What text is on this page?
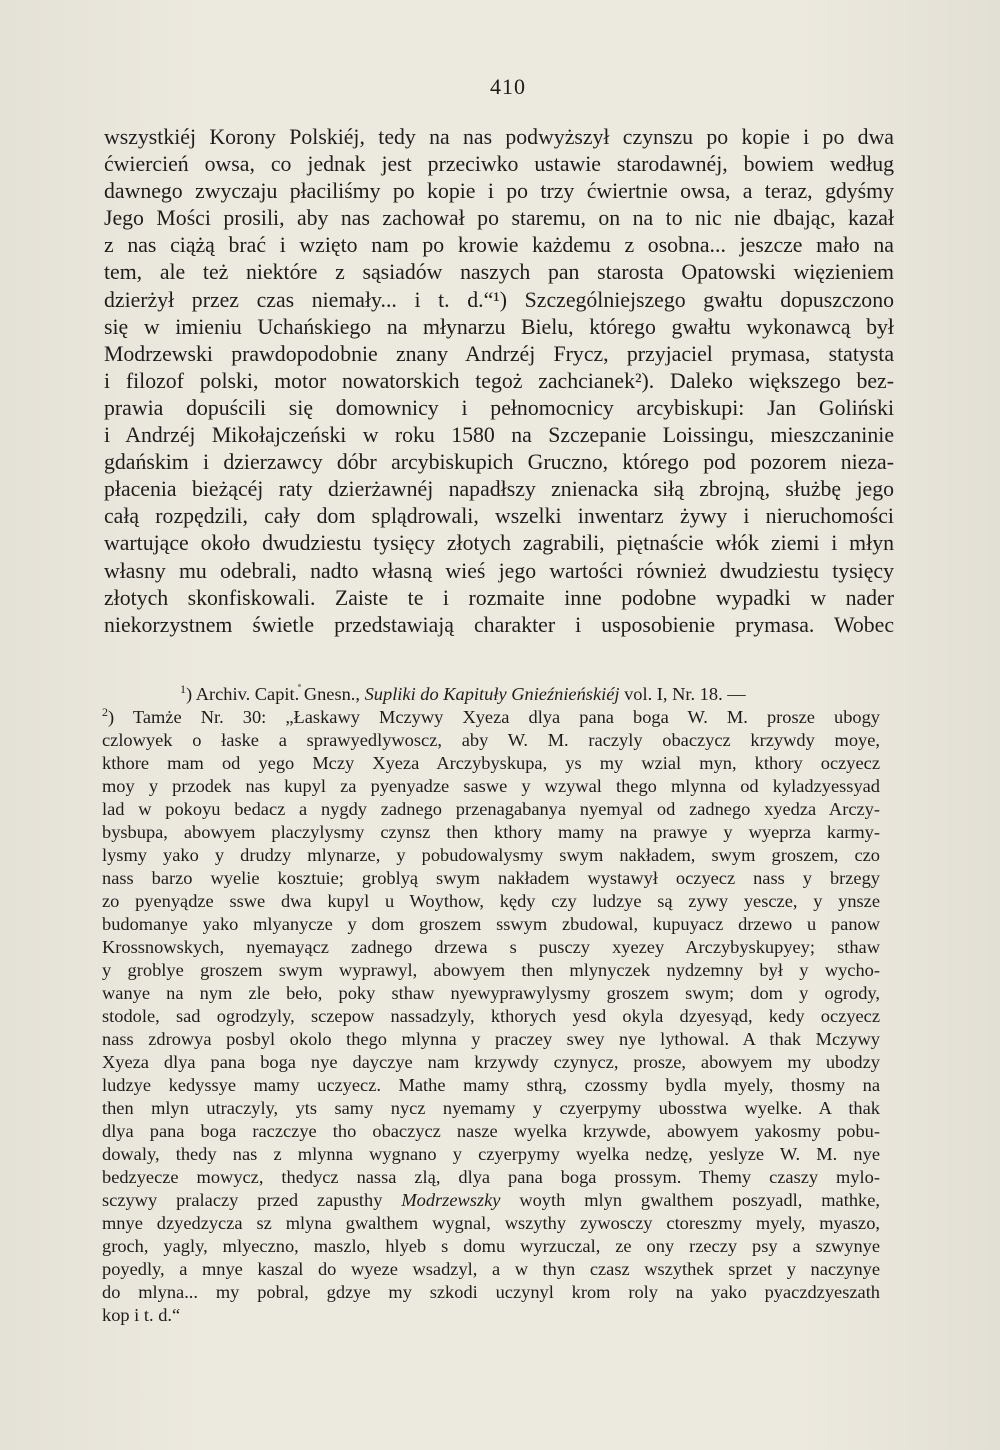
410
wszystkiéj Korony Polskiéj, tedy na nas podwyższył czynszu po kopie i po dwa
ćwiercień owsa, co jednak jest przeciwko ustawie starodawnéj, bowiem według
dawnego zwyczaju płaciliśmy po kopie i po trzy ćwiertnie owsa, a teraz, gdyśmy
Jego Mości prosili, aby nas zachował po staremu, on na to nic nie dbając, kazał
z nas ciążą brać i wzięto nam po krowie każdemu z osobna... jeszcze mało na
tem, ale też niektóre z sąsiadów naszych pan starosta Opatowski więzieniem
dzierżył przez czas niemały... i t. d.“¹) Szczególniejszego gwałtu dopuszczono
się w imieniu Uchańskiego na młynarzu Bielu, którego gwałtu wykonawcą był
Modrzewski prawdopodobnie znany Andrzéj Frycz, przyjaciel prymasa, statysta
i filozof polski, motor nowatorskich tegoż zachcianek²). Daleko większego bez-
prawia dopuścili się domownicy i pełnomocnicy arcybiskupi: Jan Goliński
i Andrzéj Mikołajczeński w roku 1580 na Szczepanie Loissingu, mieszczaninie
gdańskim i dzierzawcy dóbr arcybiskupich Gruczno, którego pod pozorem nieza-
płacenia bieżącéj raty dzierżawnéj napadłszy znienacka siłą zbrojną, służbę jego
całą rozpędzili, cały dom splądrowali, wszelki inwentarz żywy i nieruchomości
wartujące około dwudziestu tysięcy złotych zagrabili, piętnaście włók ziemi i młyn
własny mu odebrali, nadto własną wieś jego wartości również dwudziestu tysięcy
złotych skonfiskowali. Zaiste te i rozmaite inne podobne wypadki w nader
niekorzystnem świetle przedstawiają charakter i usposobienie prymasa. Wobec
$^1$) Archiv. Capit. Gnesn., Supliki do Kapituły Gnieźnieńskiéj vol. I, Nr. 18. —
$^2$) Tamże Nr. 30: „Łaskawy Mczywy Xyeza dlya pana boga W. M. prosze ubogy
czlowyek o łaske a sprawyedlywoscz, aby W. M. raczyly obaczycz krzywdy moye,
kthore mam od yego Mczy Xyeza Arczybyskupa, ys my wzial myn, kthory oczyecz
moy y przodek nas kupyl za pyenyadze saswe y wzywal thego mlynna od kyladzyessyad
lad w pokoyu bedacz a nygdy zadnego przenagabanya nyemyal od zadnego xyedza Arczy-
bysbupa, abowyem placzylysmy czynsz then kthory mamy na prawye y wyeprza karmy-
lysmy yako y drudzy mlynarze, y pobudowalysmy swym nakładem, swym groszem, czo
nass barzo wyelie kosztuie; groblyą swym nakładem wystawył oczyecz nass y brzegy
zo pyenyądze sswe dwa kupyl u Woythow, kędy czy ludzye są zywy yescze, y ynsze
budomanye yako mlyanycze y dom groszem sswym zbudowal, kupuyacz drzewo u panow
Krossnowskych, nyemayącz zadnego drzewa s pusczy xyezey Arczybyskupyey; sthaw
y groblye groszem swym wyprawyl, abowyem then mlynyczek nydzemny był y wycho-
wanye na nym zle beło, poky sthaw nyewyprawylysmy groszem swym; dom y ogrody,
stodole, sad ogrodzyly, sczepow nassadzyly, kthorych yesd okyla dzyesyąd, kedy oczyecz
nass zdrowya posbyl okolo thego mlynna y praczey swey nye lythowal. A thak Mczywy
Xyeza dlya pana boga nye dayczye nam krzywdy czynycz, prosze, abowyem my ubodzy
ludzye kedyssye mamy uczyecz. Mathe mamy sthrą, czossmy bydla myely, thosmy na
then mlyn utraczyly, yts samy nycz nyemamy y czyerpymy ubosstwa wyelke. A thak
dlya pana boga raczczye tho obaczycz nasze wyelka krzywde, abowyem yakosmy pobu-
dowaly, thedy nas z mlynna wygnano y czyerpymy wyelka nedzę, yeslyze W. M. nye
bedzyecze mowycz, thedycz nassa zlą, dlya pana boga prossym. Themy czaszy mylo-
sczywy pralaczy przed zapusthy Modrzewszky woyth mlyn gwalthem poszyadl, mathke,
mnye dzyedzycza sz mlyna gwalthem wygnal, wszythy zywosczy ctoreszmy myely, myaszo,
groch, yagly, mlyeczno, maszlo, hlyeb s domu wyrzuczal, ze ony rzeczy psy a szwynye
poyedly, a mnye kaszal do wyeze wsadzyl, a w thyn czasz wszythek sprzet y naczynye
do mlyna... my pobral, gdzye my szkodi uczynyl krom roly na yako pyaczdzyeszath
kop i t. d.“
